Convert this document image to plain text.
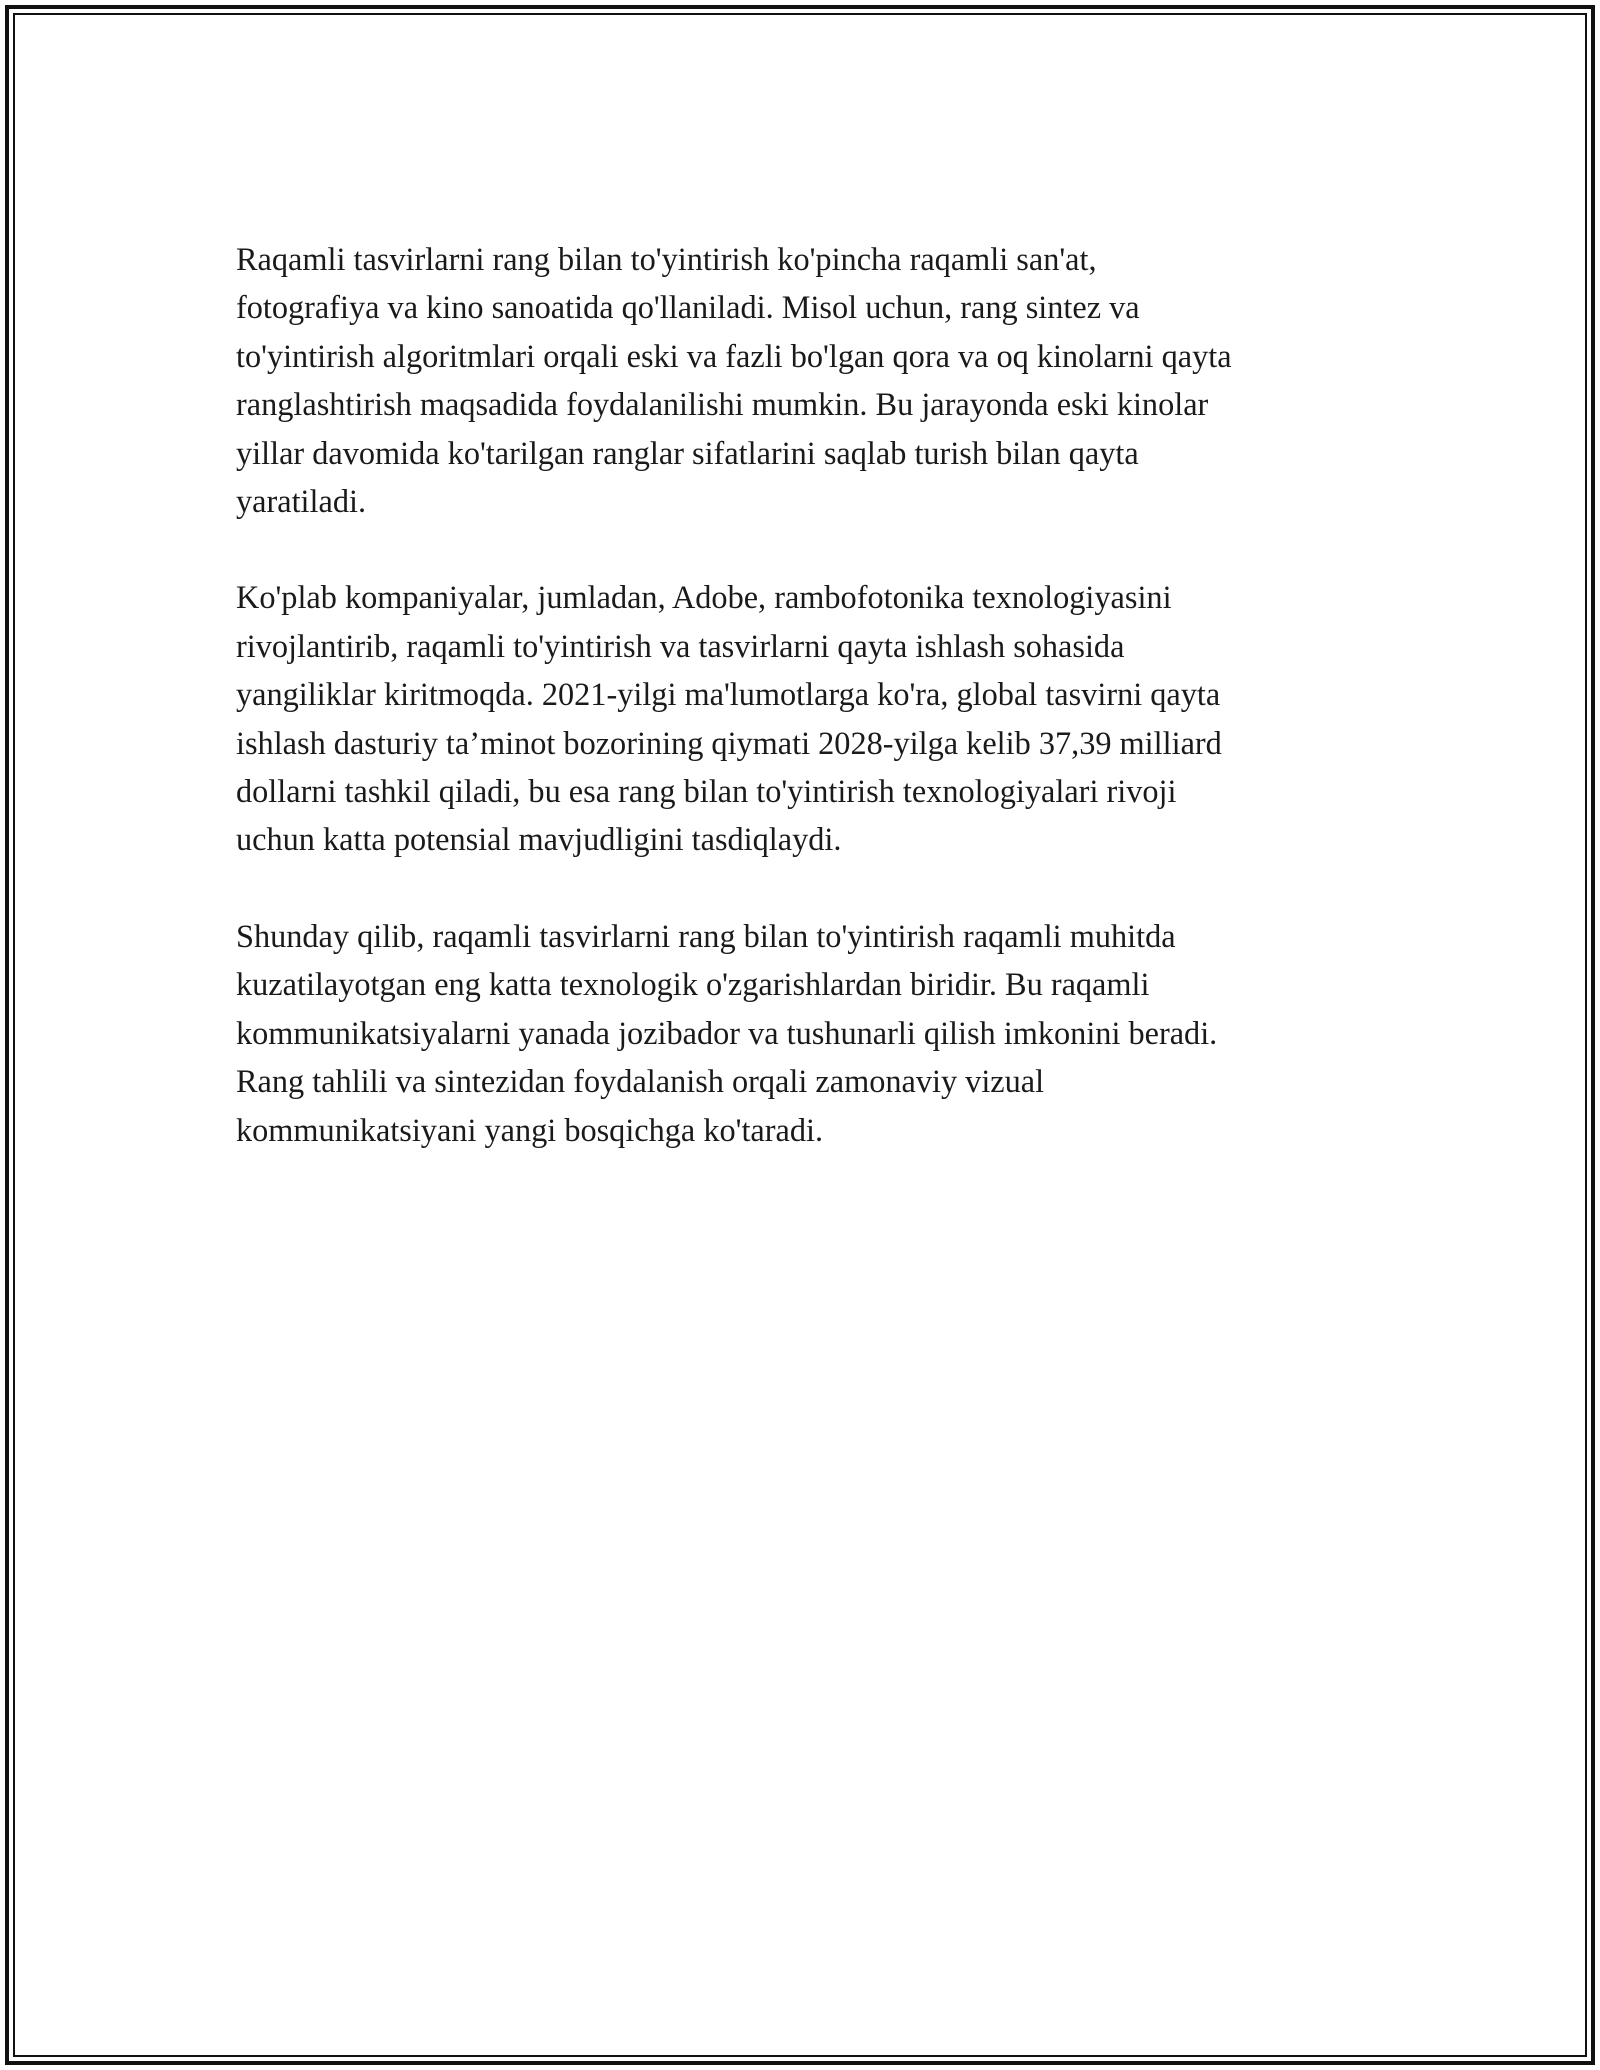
Raqamli tasvirlarni rang bilan to'yintirish ko'pincha raqamli san'at,
fotografiya va kino sanoatida qo'llaniladi. Misol uchun, rang sintez va
to'yintirish algoritmlari orqali eski va fazli bo'lgan qora va oq kinolarni qayta
ranglashtirish maqsadida foydalanilishi mumkin. Bu jarayonda eski kinolar
yillar davomida ko'tarilgan ranglar sifatlarini saqlab turish bilan qayta
yaratiladi.

Ko'plab kompaniyalar, jumladan, Adobe, rambofotonika texnologiyasini
rivojlantirib, raqamli to'yintirish va tasvirlarni qayta ishlash sohasida
yangiliklar kiritmoqda. 2021-yilgi ma'lumotlarga ko'ra, global tasvirni qayta
ishlash dasturiy ta’minot bozorining qiymati 2028-yilga kelib 37,39 milliard
dollarni tashkil qiladi, bu esa rang bilan to'yintirish texnologiyalari rivoji
uchun katta potensial mavjudligini tasdiqlaydi.

Shunday qilib, raqamli tasvirlarni rang bilan to'yintirish raqamli muhitda
kuzatilayotgan eng katta texnologik o'zgarishlardan biridir. Bu raqamli
kommunikatsiyalarni yanada jozibador va tushunarli qilish imkonini beradi.
Rang tahlili va sintezidan foydalanish orqali zamonaviy vizual
kommunikatsiyani yangi bosqichga ko'taradi.
